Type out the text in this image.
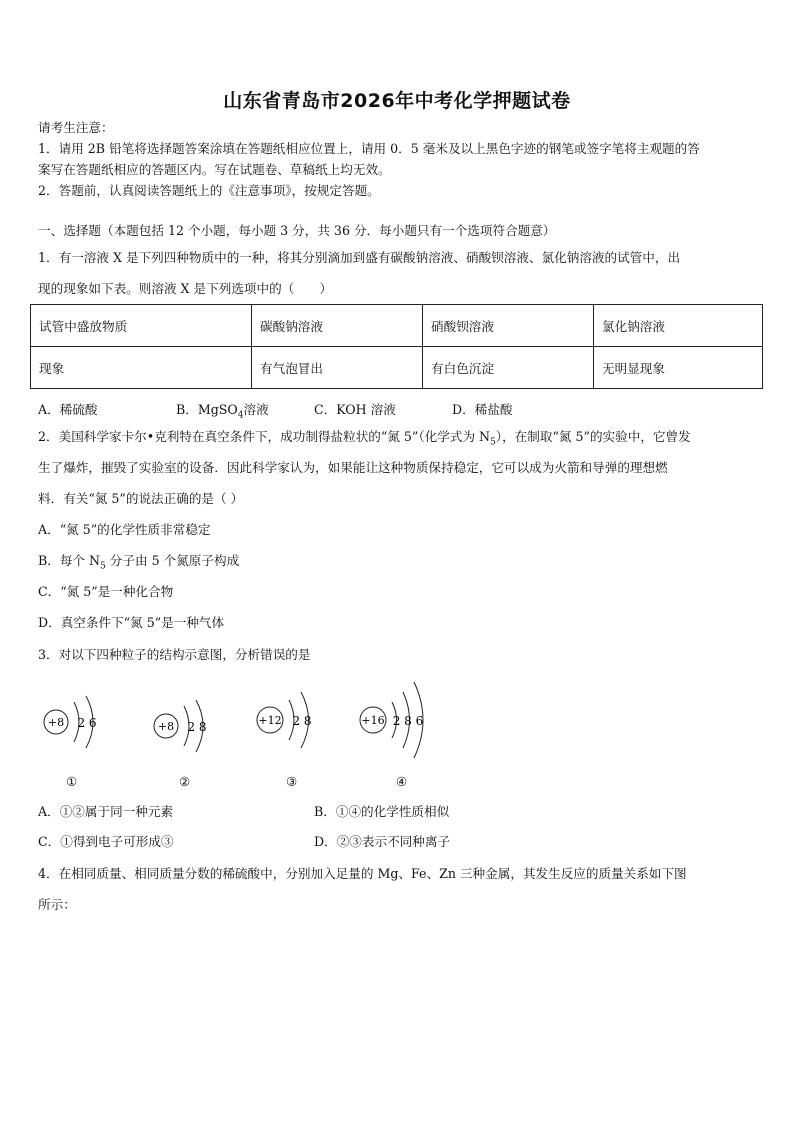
山东省青岛市2026年中考化学押题试卷
请考生注意：
1．请用 2B 铅笔将选择题答案涂填在答题纸相应位置上，请用 0．5 毫米及以上黑色字迹的钢笔或签字笔将主观题的答
案写在答题纸相应的答题区内。写在试题卷、草稿纸上均无效。
2．答题前，认真阅读答题纸上的《注意事项》，按规定答题。
一、选择题（本题包括 12 个小题，每小题 3 分，共 36 分．每小题只有一个选项符合题意）
1．有一溶液 X 是下列四种物质中的一种，将其分别滴加到盛有碳酸钠溶液、硝酸钡溶液、氯化钠溶液的试管中，出
现的现象如下表。则溶液 X 是下列选项中的（　　）
试管中盛放物质	碳酸钠溶液	硝酸钡溶液	氯化钠溶液
现象	有气泡冒出	有白色沉淀	无明显现象
A．稀硫酸	B．MgSO$_4$溶液	C．KOH 溶液	D．稀盐酸
2．美国科学家卡尔•克利特在真空条件下，成功制得盐粒状的“氮 5”（化学式为 $N_5$），在制取“氮 5”的实验中，它曾发
生了爆炸，摧毁了实验室的设备．因此科学家认为，如果能让这种物质保持稳定，它可以成为火箭和导弹的理想燃
料．有关“氮 5”的说法正确的是（ ）
A．“氮 5”的化学性质非常稳定
B．每个 $N_5$ 分子由 5 个氮原子构成
C．“氮 5”是一种化合物
D．真空条件下“氮 5”是一种气体
3．对以下四种粒子的结构示意图，分析错误的是
+8 2 6	+8 2 8	+12 2 8	+16 2 8 6
①	②	③	④
A．①②属于同一种元素	B．①④的化学性质相似
C．①得到电子可形成③	D．②③表示不同种离子
4．在相同质量、相同质量分数的稀硫酸中，分别加入足量的 Mg、Fe、Zn 三种金属，其发生反应的质量关系如下图
所示：
